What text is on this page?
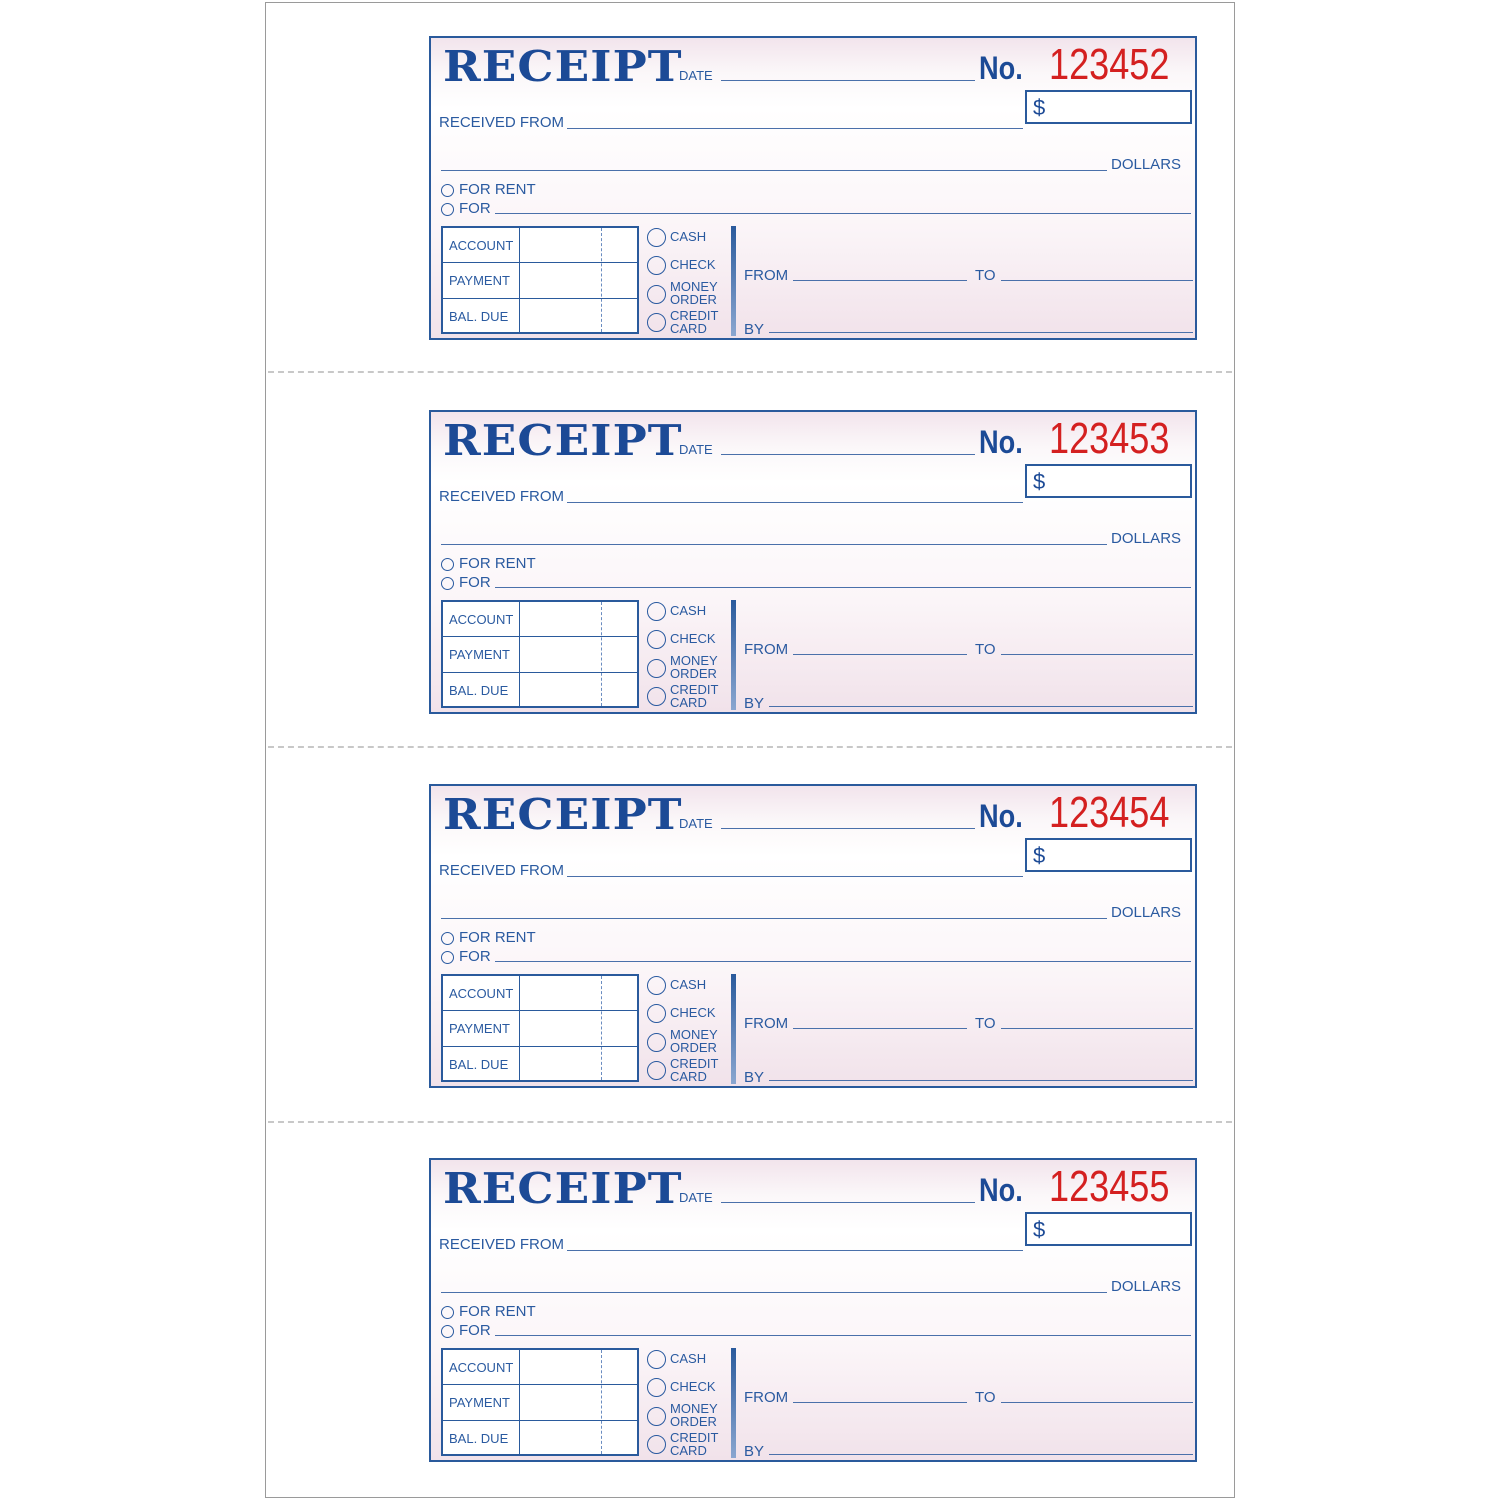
RECEIPT
DATE	No. 123452
$
RECEIVED FROM
DOLLARS
FOR RENT
FOR
ACCOUNT
PAYMENT
BAL. DUE
CASH
CHECK
MONEY
ORDER
CREDIT
CARD
FROM	TO
BY
RECEIPT
DATE	No. 123453
$
RECEIVED FROM
DOLLARS
FOR RENT
FOR
ACCOUNT
PAYMENT
BAL. DUE
CASH
CHECK
MONEY
ORDER
CREDIT
CARD
FROM	TO
BY
RECEIPT
DATE	No. 123454
$
RECEIVED FROM
DOLLARS
FOR RENT
FOR
ACCOUNT
PAYMENT
BAL. DUE
CASH
CHECK
MONEY
ORDER
CREDIT
CARD
FROM	TO
BY
RECEIPT
DATE	No. 123455
$
RECEIVED FROM
DOLLARS
FOR RENT
FOR
ACCOUNT
PAYMENT
BAL. DUE
CASH
CHECK
MONEY
ORDER
CREDIT
CARD
FROM	TO
BY
